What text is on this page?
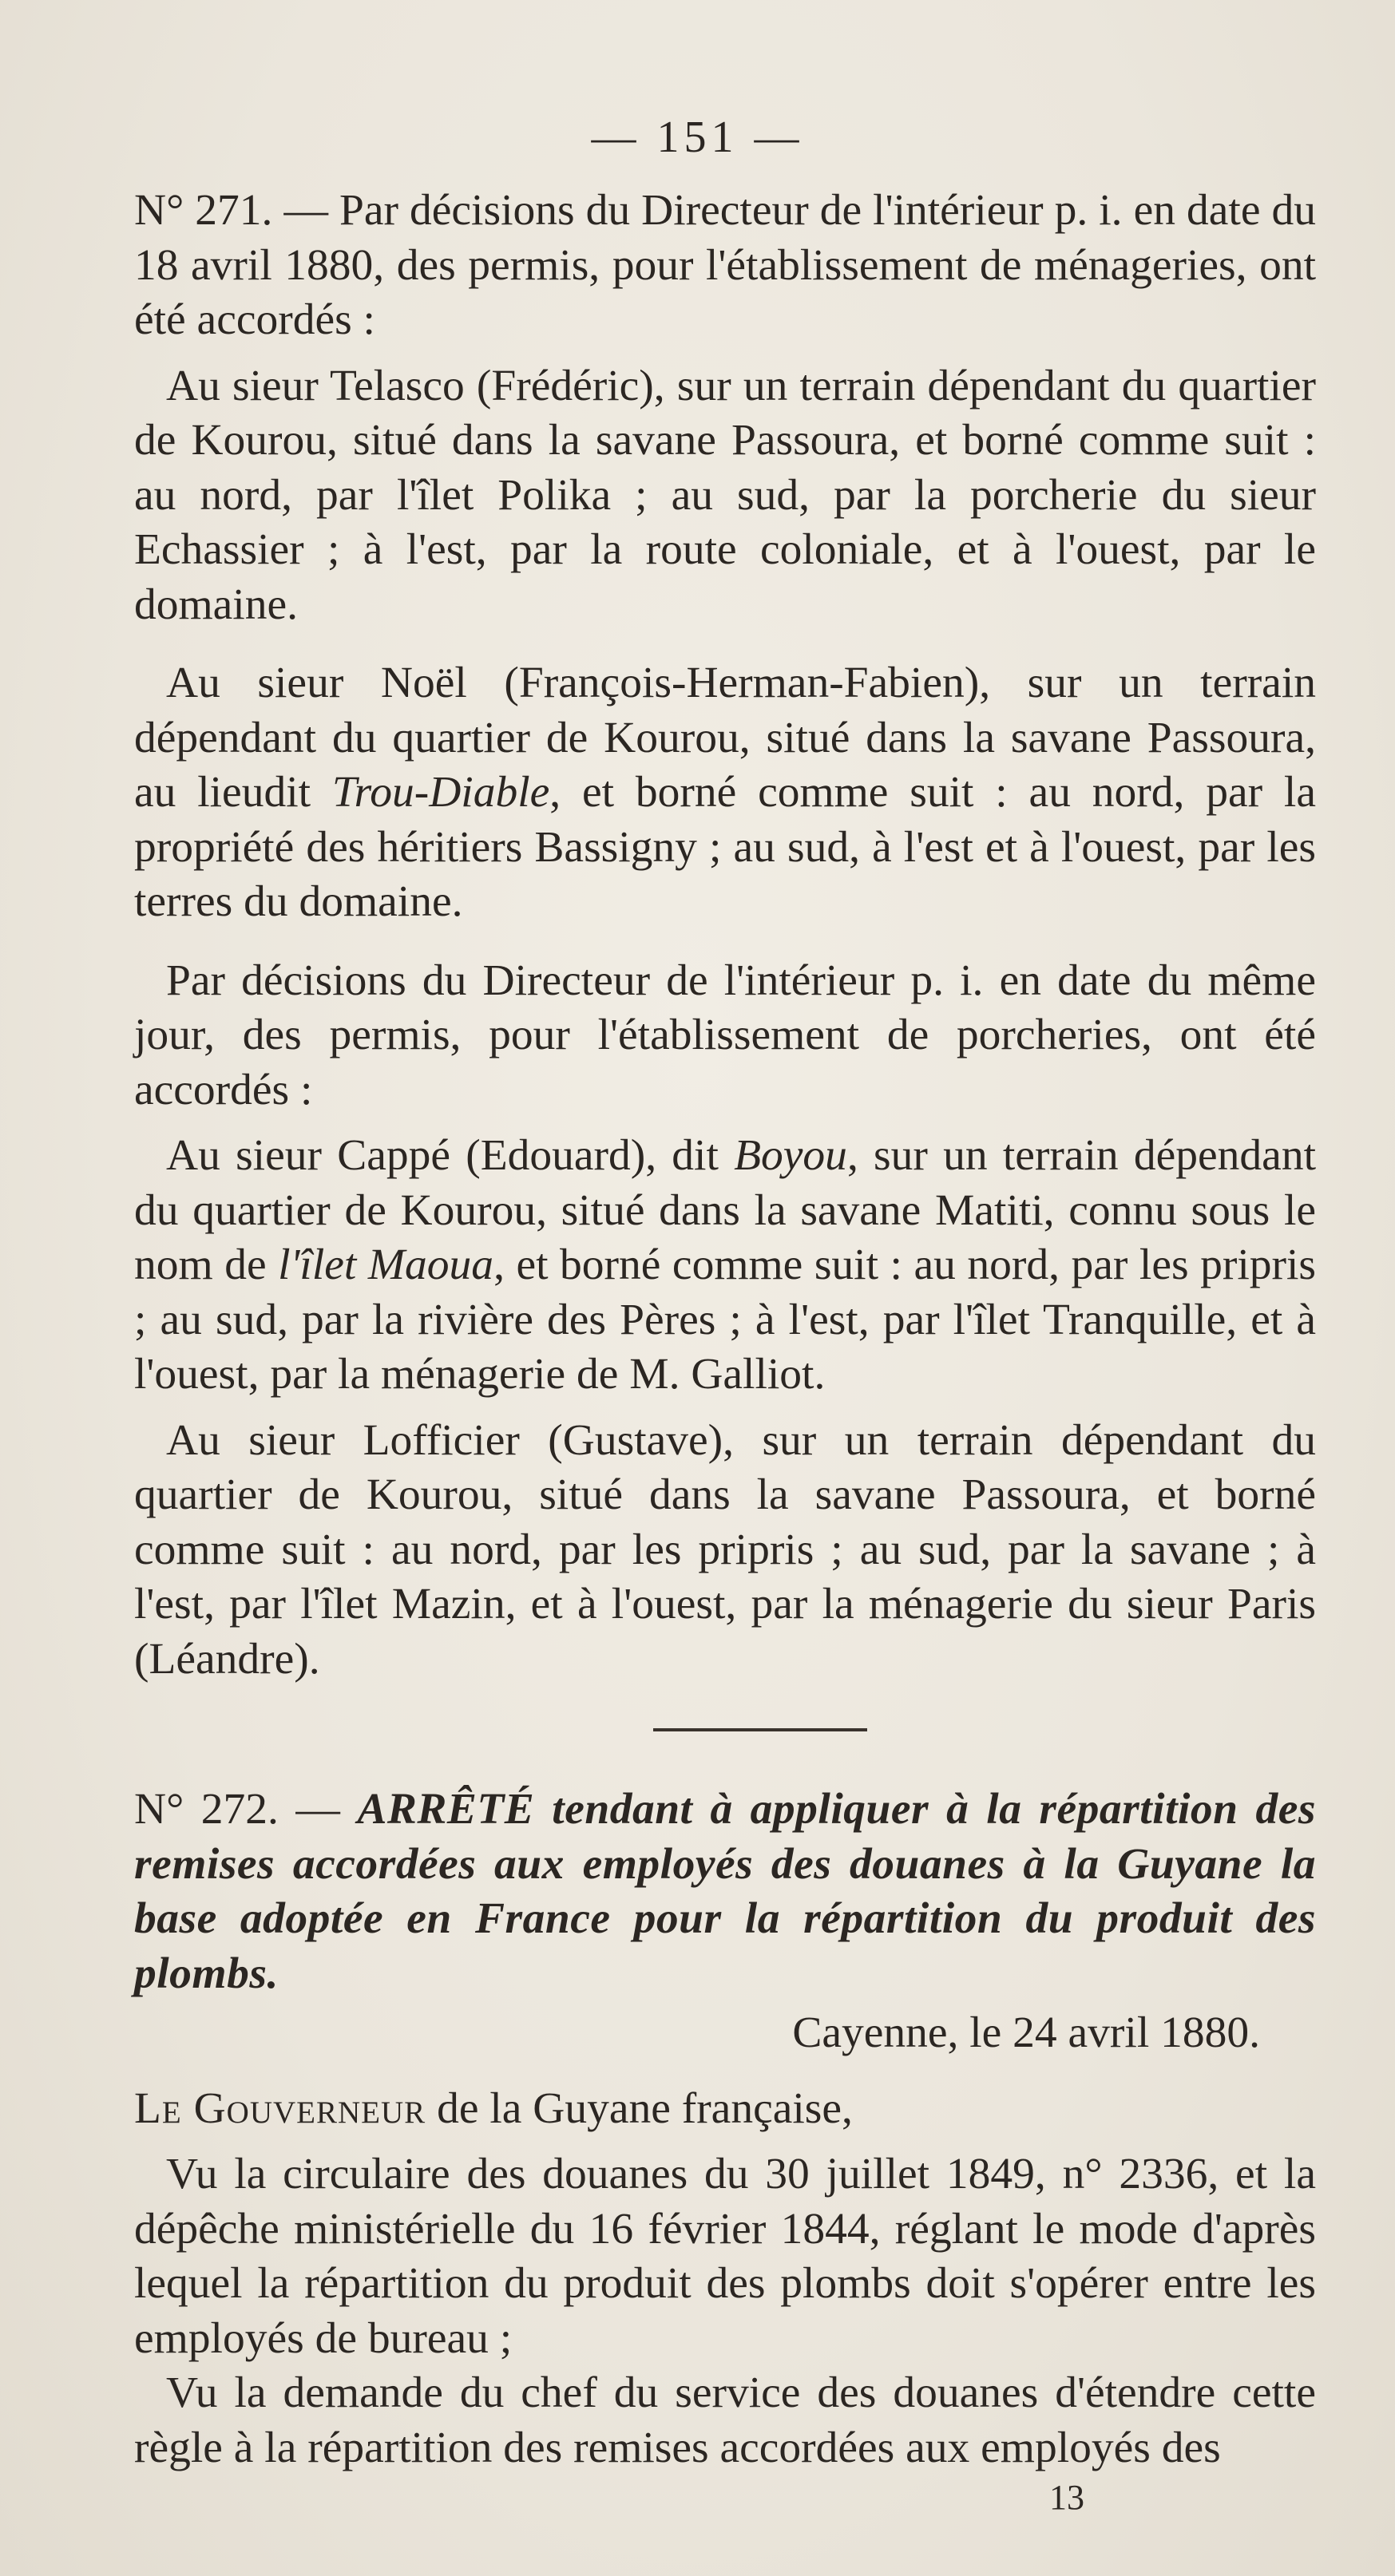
— 151 —

N° 271. — Par décisions du Directeur de l'intérieur p. i. en date du 18 avril 1880, des permis, pour l'établissement de ménageries, ont été accordés :

Au sieur Telasco (Frédéric), sur un terrain dépendant du quartier de Kourou, situé dans la savane Passoura, et borné comme suit : au nord, par l'îlet Polika ; au sud, par la porcherie du sieur Echassier ; à l'est, par la route coloniale, et à l'ouest, par le domaine.

Au sieur Noël (François-Herman-Fabien), sur un terrain dépendant du quartier de Kourou, situé dans la savane Passoura, au lieudit Trou-Diable, et borné comme suit : au nord, par la propriété des héritiers Bassigny ; au sud, à l'est et à l'ouest, par les terres du domaine.

Par décisions du Directeur de l'intérieur p. i. en date du même jour, des permis, pour l'établissement de porcheries, ont été accordés :

Au sieur Cappé (Edouard), dit Boyou, sur un terrain dépendant du quartier de Kourou, situé dans la savane Matiti, connu sous le nom de l'îlet Maoua, et borné comme suit : au nord, par les pripris ; au sud, par la rivière des Pères ; à l'est, par l'îlet Tranquille, et à l'ouest, par la ménagerie de M. Galliot.

Au sieur Lofficier (Gustave), sur un terrain dépendant du quartier de Kourou, situé dans la savane Passoura, et borné comme suit : au nord, par les pripris ; au sud, par la savane ; à l'est, par l'îlet Mazin, et à l'ouest, par la ménagerie du sieur Paris (Léandre).

N° 272. — ARRÊTÉ tendant à appliquer à la répartition des remises accordées aux employés des douanes à la Guyane la base adoptée en France pour la répartition du produit des plombs.

Cayenne, le 24 avril 1880.

Le Gouverneur de la Guyane française,

Vu la circulaire des douanes du 30 juillet 1849, n° 2336, et la dépêche ministérielle du 16 février 1844, réglant le mode d'après lequel la répartition du produit des plombs doit s'opérer entre les employés de bureau ;

Vu la demande du chef du service des douanes d'étendre cette règle à la répartition des remises accordées aux employés des

13
